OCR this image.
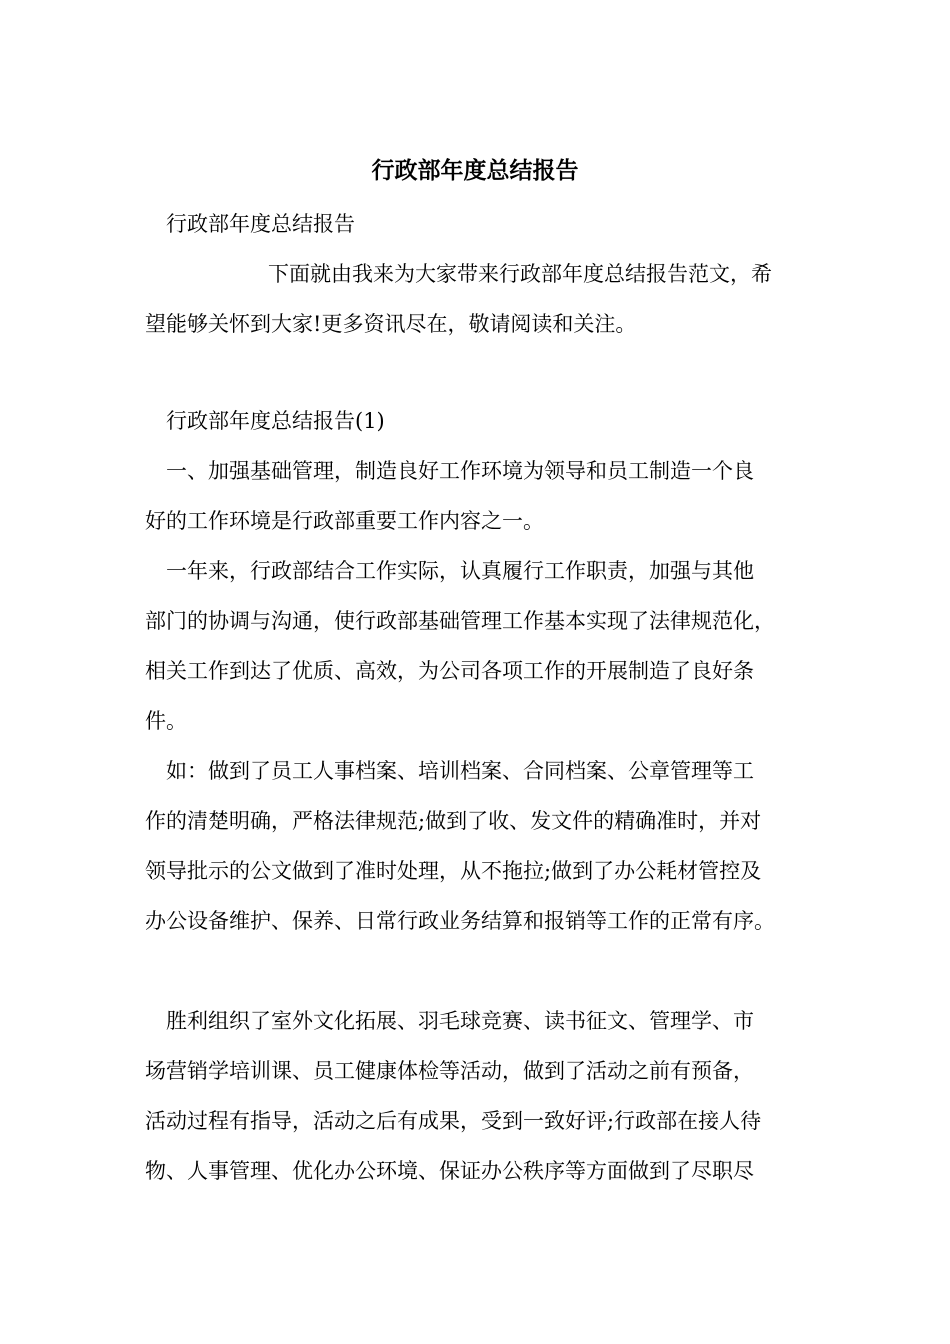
行政部年度总结报告

行政部年度总结报告

下面就由我来为大家带来行政部年度总结报告范文，希

望能够关怀到大家!更多资讯尽在，敬请阅读和关注。

行政部年度总结报告(1)

一、加强基础管理，制造良好工作环境为领导和员工制造一个良

好的工作环境是行政部重要工作内容之一。

一年来，行政部结合工作实际，认真履行工作职责，加强与其他

部门的协调与沟通，使行政部基础管理工作基本实现了法律规范化，

相关工作到达了优质、高效，为公司各项工作的开展制造了良好条

件。

如：做到了员工人事档案、培训档案、合同档案、公章管理等工

作的清楚明确，严格法律规范;做到了收、发文件的精确准时，并对

领导批示的公文做到了准时处理，从不拖拉;做到了办公耗材管控及

办公设备维护、保养、日常行政业务结算和报销等工作的正常有序。

胜利组织了室外文化拓展、羽毛球竞赛、读书征文、管理学、市

场营销学培训课、员工健康体检等活动，做到了活动之前有预备，

活动过程有指导，活动之后有成果，受到一致好评;行政部在接人待

物、人事管理、优化办公环境、保证办公秩序等方面做到了尽职尽
